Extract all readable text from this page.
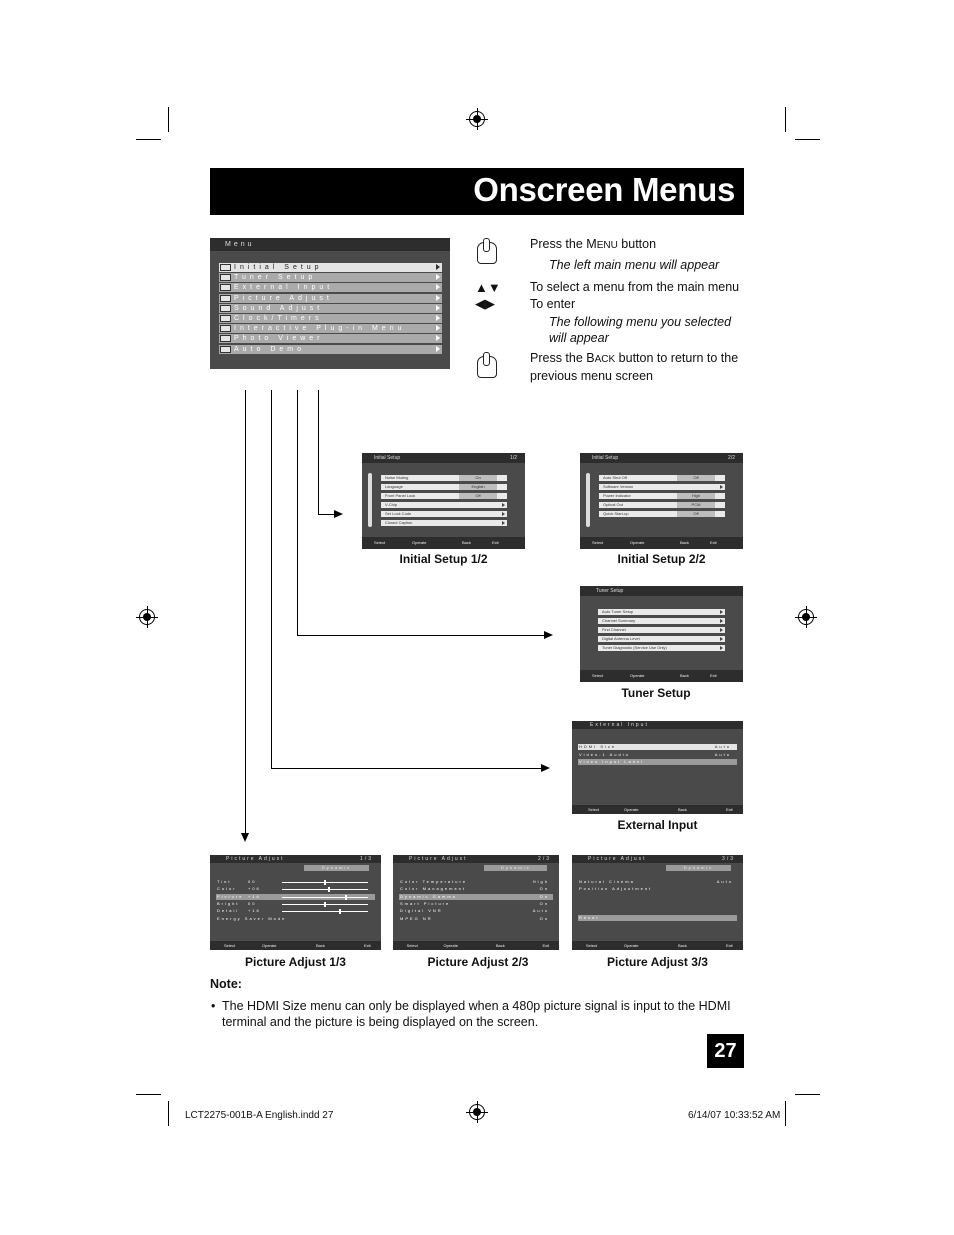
Onscreen Menus
Menu
Initial Setup
Tuner Setup
External Input
Picture Adjust
Sound Adjust
Clock/Timers
Interactive Plug-in Menu
Photo Viewer
Auto Demo
Press the MENU button
The left main menu will appear
▲▼
◀▶
To select a menu from the main menu
To enter
The following menu you selected will appear
Press the BACK button to return to the previous menu screen
Initial Setup	1/2
Noise Muting	On
Language	English
Front Panel Lock	Off
V-Chip
Set Lock Code
Closed Caption
Select	Operate	Back	Exit
Initial Setup 1/2
Initial Setup	2/2
Auto Shut Off	Off
Software Version
Power Indicator	High
Optical Out	PCM
Quick Start-up	Off
Select	Operate	Back	Exit
Initial Setup 2/2
Tuner Setup
Auto Tuner Setup
Channel Summary
Find Channel
Digital Antenna Level
Tuner Diagnostic (Service Use Only)
Select	Operate	Back	Exit
Tuner Setup
External Input
HDMI Size	Auto
Video-1 Audio	Auto
Video Input Label
Select	Operate	Back	Exit
External Input
Picture Adjust	1/3
Dynamic
Tint	00
Color	+06
Picture +16
Bright 00
Detail +16
Energy Saver Mode
Select	Operate	Back	Exit
Picture Adjust 1/3
Picture Adjust	2/3
Dynamic
Color Temperature	High
Color Management	On
Dynamic Gamma	On
Smart Picture	On
Digital VNR	Auto
MPEG NR	On
Select	Operate	Back	Exit
Picture Adjust 2/3
Picture Adjust	3/3
Dynamic
Natural Cinema	Auto
Position Adjustment
Reset
Select	Operate	Back	Exit
Picture Adjust 3/3
Note:
• The HDMI Size menu can only be displayed when a 480p picture signal is input to the HDMI terminal and the picture is being displayed on the screen.
27
LCT2275-001B-A English.indd 27	6/14/07 10:33:52 AM
